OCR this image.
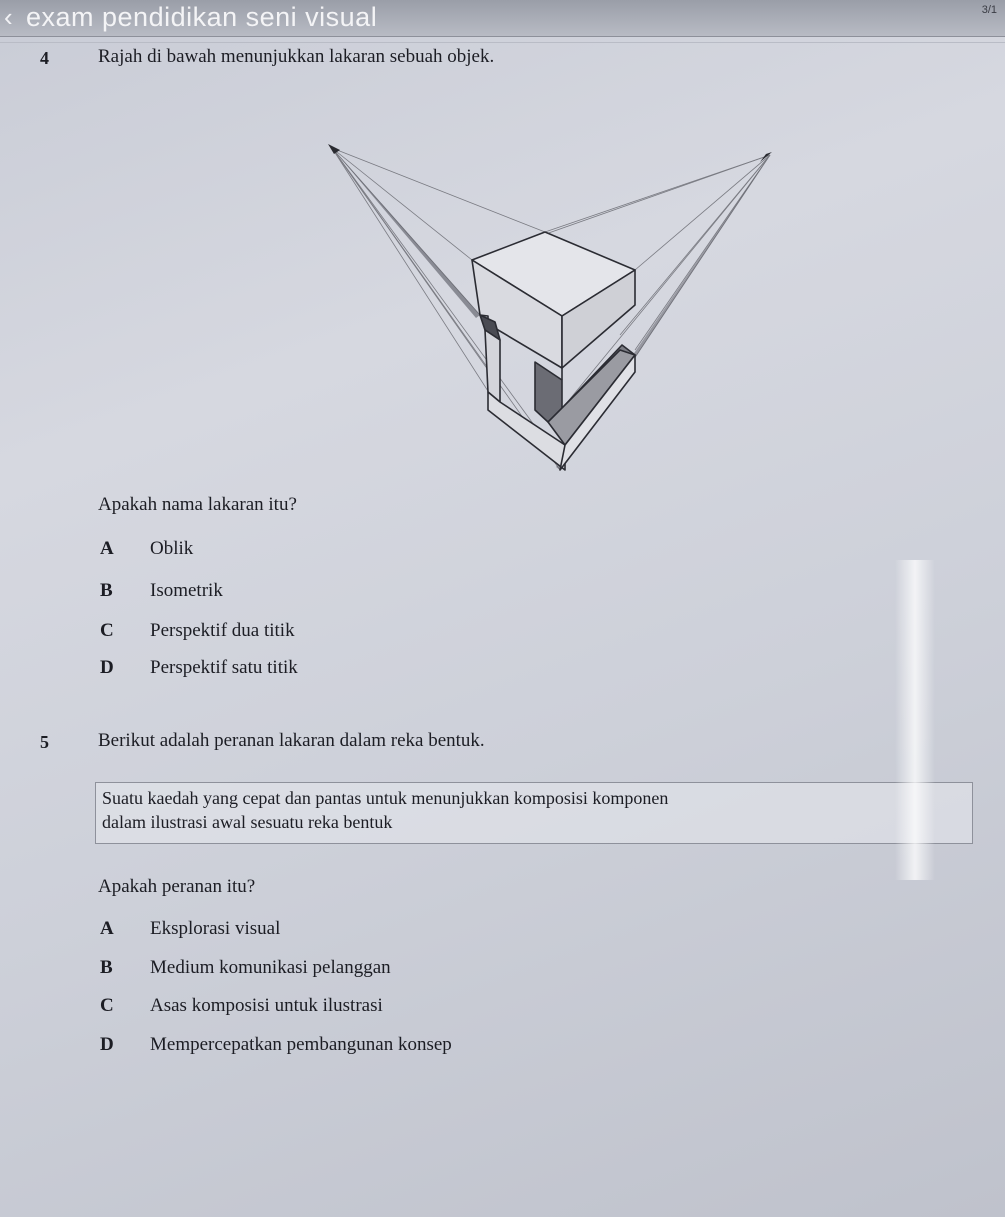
‹ exam pendidikan seni visual	3/1
4	Rajah di bawah menunjukkan lakaran sebuah objek.
Apakah nama lakaran itu?
A Oblik
B Isometrik
C Perspektif dua titik
D Perspektif satu titik
5	Berikut adalah peranan lakaran dalam reka bentuk.
Suatu kaedah yang cepat dan pantas untuk menunjukkan komposisi komponen
dalam ilustrasi awal sesuatu reka bentuk
Apakah peranan itu?
A Eksplorasi visual
B Medium komunikasi pelanggan
C Asas komposisi untuk ilustrasi
D Mempercepatkan pembangunan konsep
